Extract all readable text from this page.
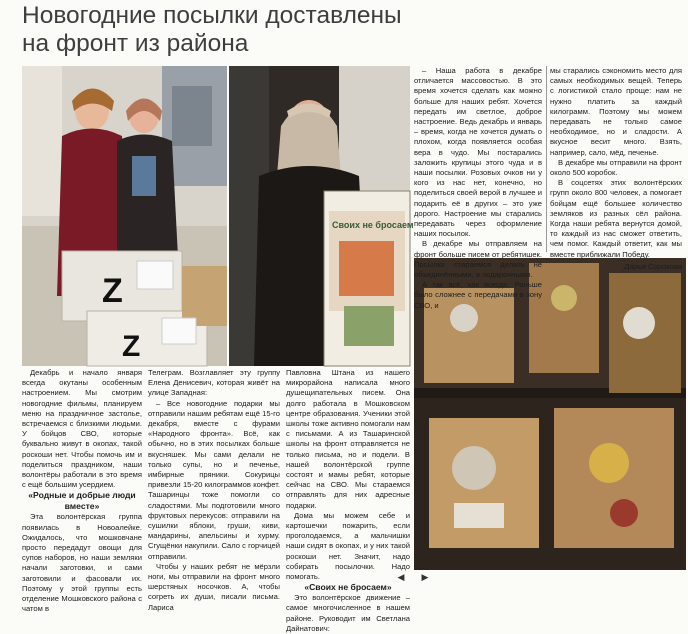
Новогодние посылки доставлены на фронт из района
Z
Z
Своих не бросаем

Декабрь и начало января всегда окутаны особенным настроением. Мы смотрим новогодние фильмы, планируем меню на праздничное застолье, встречаемся с близкими людьми. У бойцов СВО, которые буквально живут в окопах, такой роскоши нет. Чтобы помочь им и поделиться праздником, наши волонтёры работали в это время с ещё большим усердием.

«Родные и добрые люди вместе»

Эта волонтёрская группа появилась в Новоалейке. Ожидалось, что мошковчане просто передадут овощи для супов наборов, но наши земляки начали заготовки, и сами заготовили и фасовали их. Поэтому у этой группы есть отделение Мошковского района с чатом в

Телеграм. Возглавляет эту группу Елена Денисевич, которая живёт на улице Западная:

– Все новогодние подарки мы отправили нашим ребятам ещё 15-го декабря, вместе с фурами «Народного фронта». Всё, как обычно, но в этих посылках больше вкусняшек. Мы сами делали не только супы, но и печенье, имбирные пряники. Сокурицы привезли 15-20 килограммов конфет. Ташаринцы тоже помогли со сладостями. Мы подготовили много фруктовых перекусов: отправили на сушилки яблоки, груши, киви, мандарины, апельсины и хурму. Сгущёнки накупили. Сало с горчицей отправили.

Чтобы у наших ребят не мёрзли ноги, мы отправили на фронт много шерстяных носочков. А, чтобы согреть их души, писали письма. Лариса

Павловна Штана из нашего микрорайона написала много душещипательных писем. Она долго работала в Мошковском центре образования. Ученики этой школы тоже активно помогали нам с письмами. А из Ташаринской школы на фронт отправляется не только письма, но и подели. В нашей волонтёрской группе состоят и мамы ребят, которые сейчас на СВО. Мы стараемся отправлять для них адресные подарки.

Дома мы можем себе и картошечки пожарить, если проголодаемся, а мальчишки наши сидят в окопах, и у них такой роскоши нет. Значит, надо собирать посылочки. Надо помогать.

«Своих не бросаем»

Это волонтёрское движение – самое многочисленное в нашем районе. Руководит им Светлана Дайнатович:

– Наша работа в декабре отличается массовостью. В это время хочется сделать как можно больше для наших ребят. Хочется передать им светлое, доброе настроение. Ведь декабрь и январь – время, когда не хочется думать о плохом, когда появляется особая вера в чудо. Мы постарались заложить крупицы этого чуда и в наши посылки. Розовых очков ни у кого из нас нет, конечно, но поделиться своей верой в лучшее и подарить её в других – это уже дорого. Настроение мы старались передавать через оформление наших посылок.

В декабре мы отправляем на фронт больше писем от ребятишек. Посылки стараемся делать не объединёнными, а подарочными.

А так всё, как всегда. Раньше было сложнее с передачами в зону СВО, и

мы старались сэкономить место для самых необходимых вещей. Теперь с логистикой стало проще: нам не нужно платить за каждый килограмм. Поэтому мы можем передавать не только самое необходимое, но и сладости. А вкусное весит много. Взять, например, сало, мёд, печенье.

В декабре мы отправили на фронт около 500 коробок.

В соцсетях этих волонтёрских групп около 800 человек, а помогает бойцам ещё большее количество земляков из разных сёл района. Когда наши ребята вернутся домой, то каждый из нас сможет ответить, чем помог. Каждый ответит, как мы вместе приближали Победу.

Дарья Сорокова
◀ ▶
